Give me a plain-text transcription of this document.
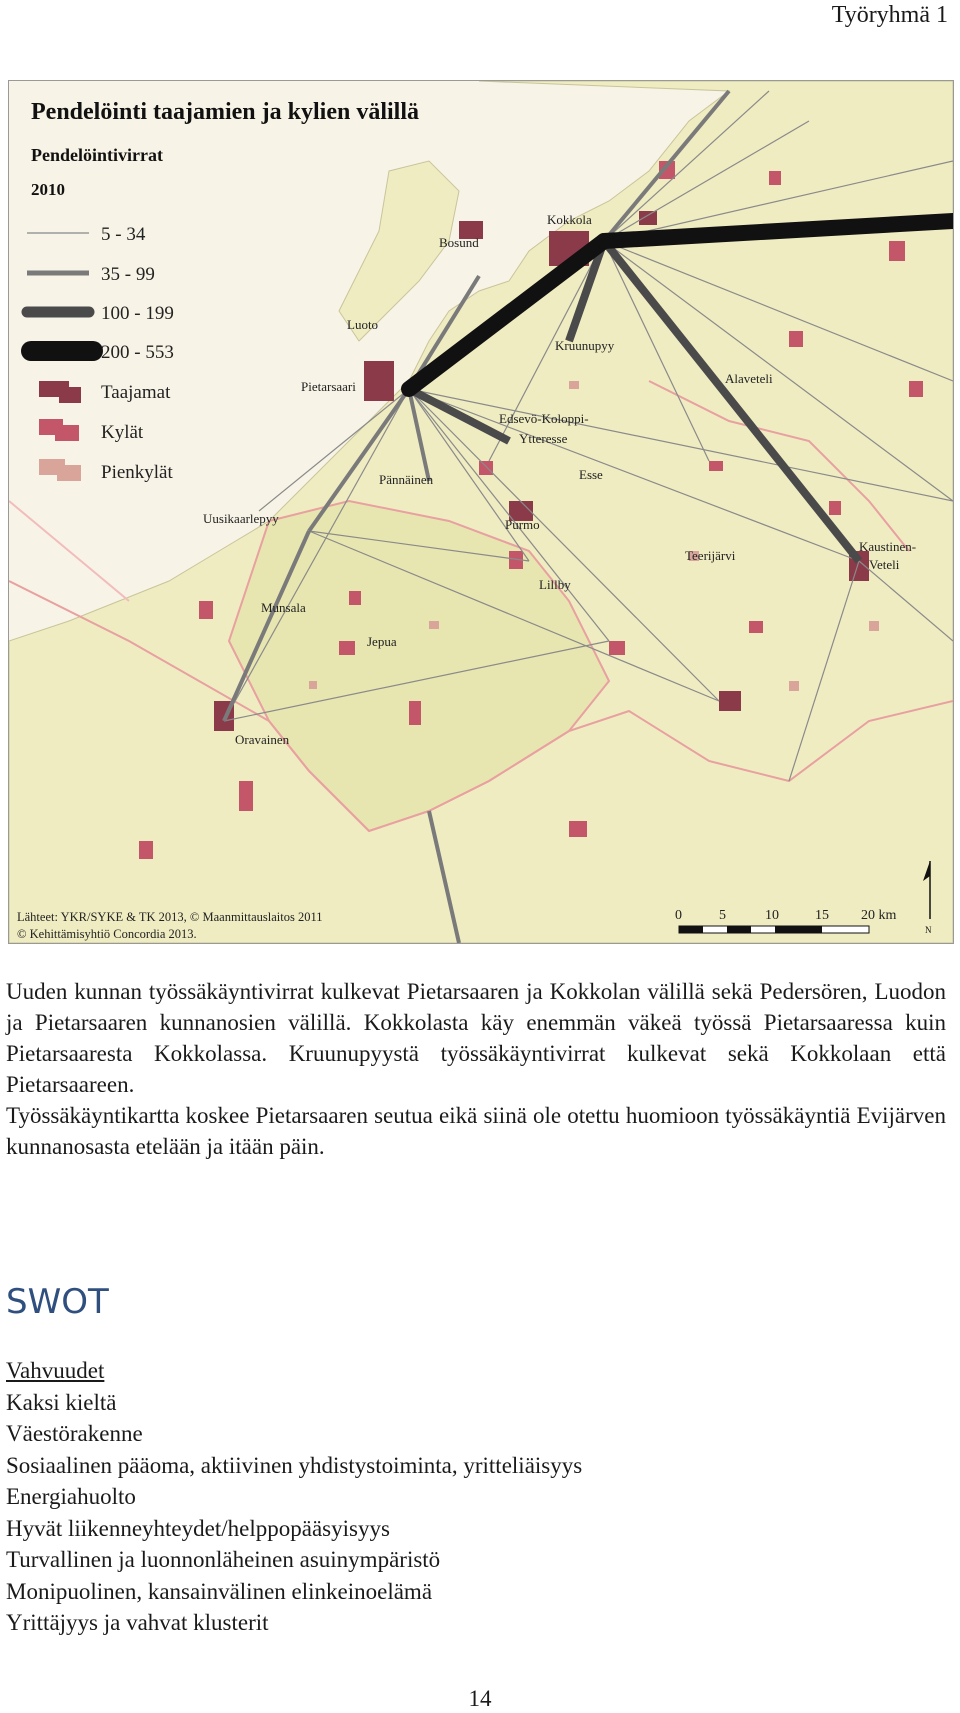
Työryhmä 1
Pendelöinti taajamien ja kylien välillä
Pendelöintivirrat
2010
5 - 34
35 - 99
100 - 199
200 - 553
Taajamat
Kylät
Pienkylät
Kokkola
Bosund
Luoto
Kruunupyy
Alaveteli
Pietarsaari
Edsevö-Koloppi-
Ytteresse
Pännäinen	Esse
Purmo
Uusikaarlepyy
Teerijärvi
Kaustinen-
Veteli
Lillby
Munsala
Jepua
Oravainen
Lähteet: YKR/SYKE & TK 2013, © Maanmittauslaitos 2011
© Kehittämisyhtiö Concordia 2013.
0	5	10	15 20 km
N
Uuden kunnan työssäkäyntivirrat kulkevat Pietarsaaren ja Kokkolan välillä sekä Pedersören, Luodon ja Pietarsaaren kunnanosien välillä. Kokkolasta käy enemmän väkeä työssä Pietarsaaressa kuin Pietarsaaresta Kokkolassa. Kruunupyystä työssäkäyntivirrat kulkevat sekä Kokkolaan että Pietarsaareen.
Työssäkäyntikartta koskee Pietarsaaren seutua eikä siinä ole otettu huomioon työssäkäyntiä Evijärven kunnanosasta etelään ja itään päin.
SWOT
Vahvuudet
Kaksi kieltä
Väestörakenne
Sosiaalinen pääoma, aktiivinen yhdistystoiminta, yritteliäisyys
Energiahuolto
Hyvät liikenneyhteydet/helppopääsyisyys
Turvallinen ja luonnonläheinen asuinympäristö
Monipuolinen, kansainvälinen elinkeinoelämä
Yrittäjyys ja vahvat klusterit
14
